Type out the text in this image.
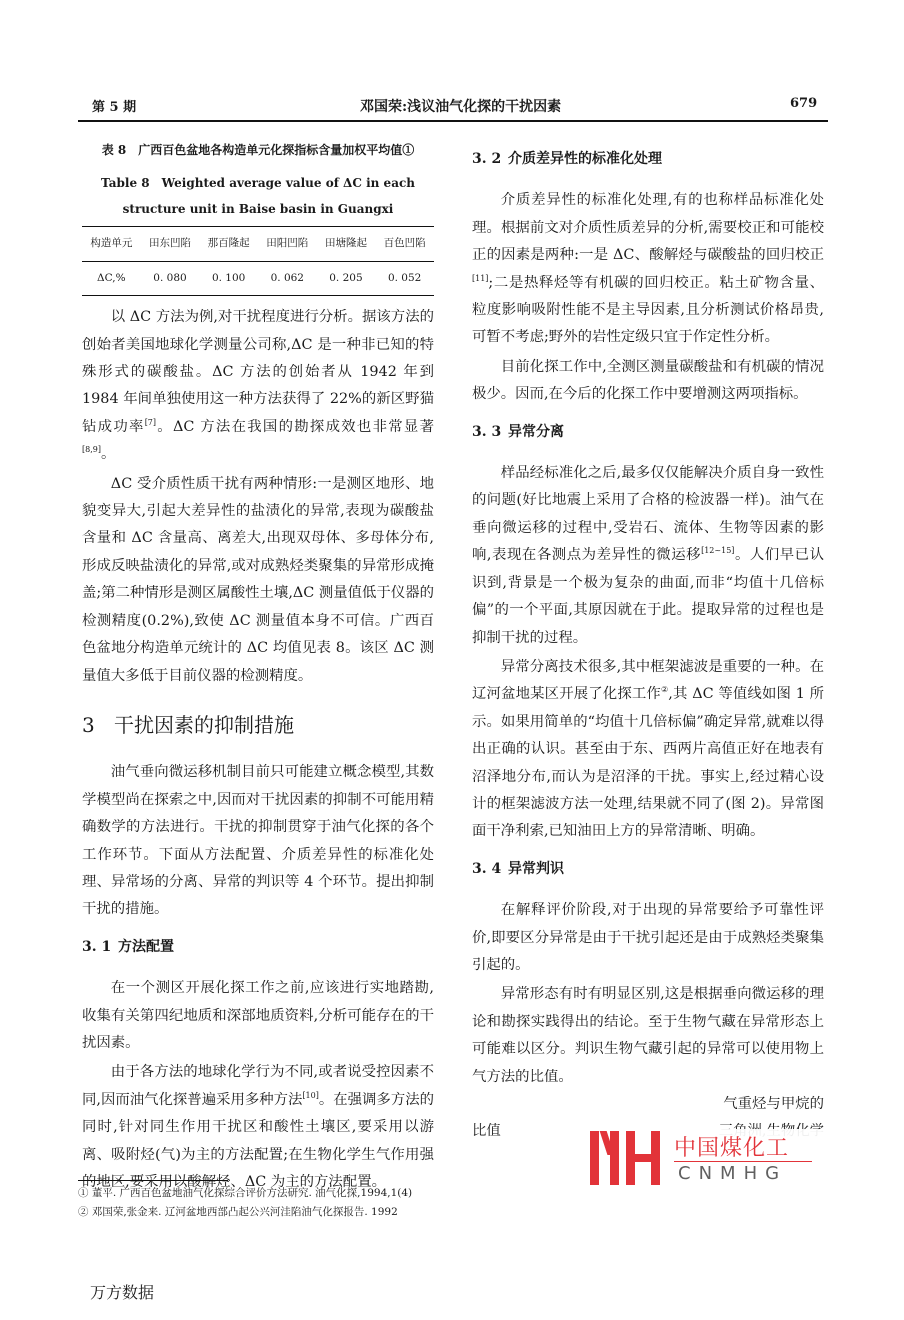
第 5 期	邓国荣:浅议油气化探的干扰因素	679
表 8　广西百色盆地各构造单元化探指标含量加权平均值①
Table 8　Weighted average value of ΔC in each
structure unit in Baise basin in Guangxi
构造单元	田东凹陷	那百隆起	田阳凹陷	田塘隆起	百色凹陷
ΔC,%	0. 080	0. 100	0. 062	0. 205	0. 052

以 ΔC 方法为例,对干扰程度进行分析。据该方法的创始者美国地球化学测量公司称,ΔC 是一种非已知的特殊形式的碳酸盐。ΔC 方法的创始者从 1942 年到 1984 年间单独使用这一种方法获得了 22%的新区野猫钻成功率[7]。ΔC 方法在我国的勘探成效也非常显著[8,9]。

ΔC 受介质性质干扰有两种情形:一是测区地形、地貌变异大,引起大差异性的盐渍化的异常,表现为碳酸盐含量和 ΔC 含量高、离差大,出现双母体、多母体分布,形成反映盐渍化的异常,或对成熟烃类聚集的异常形成掩盖;第二种情形是测区属酸性土壤,ΔC 测量值低于仪器的检测精度(0.2%),致使 ΔC 测量值本身不可信。广西百色盆地分构造单元统计的 ΔC 均值见表 8。该区 ΔC 测量值大多低于目前仪器的检测精度。

3 干扰因素的抑制措施

油气垂向微运移机制目前只可能建立概念模型,其数学模型尚在探索之中,因而对干扰因素的抑制不可能用精确数学的方法进行。干扰的抑制贯穿于油气化探的各个工作环节。下面从方法配置、介质差异性的标准化处理、异常场的分离、异常的判识等 4 个环节。提出抑制干扰的措施。

3. 1 方法配置

在一个测区开展化探工作之前,应该进行实地踏勘,收集有关第四纪地质和深部地质资料,分析可能存在的干扰因素。

由于各方法的地球化学行为不同,或者说受控因素不同,因而油气化探普遍采用多种方法[10]。在强调多方法的同时,针对同生作用干扰区和酸性土壤区,要采用以游离、吸附烃(气)为主的方法配置;在生物化学生气作用强的地区,要采用以酸解烃、ΔC 为主的方法配置。

3. 2 介质差异性的标准化处理

介质差异性的标准化处理,有的也称样品标准化处理。根据前文对介质性质差异的分析,需要校正和可能校正的因素是两种:一是 ΔC、酸解烃与碳酸盐的回归校正[11];二是热释烃等有机碳的回归校正。粘土矿物含量、粒度影响吸附性能不是主导因素,且分析测试价格昂贵,可暂不考虑;野外的岩性定级只宜于作定性分析。

目前化探工作中,全测区测量碳酸盐和有机碳的情况极少。因而,在今后的化探工作中要增测这两项指标。

3. 3 异常分离

样品经标准化之后,最多仅仅能解决介质自身一致性的问题(好比地震上采用了合格的检波器一样)。油气在垂向微运移的过程中,受岩石、流体、生物等因素的影响,表现在各测点为差异性的微运移[12~15]。人们早已认识到,背景是一个极为复杂的曲面,而非“均值十几倍标偏”的一个平面,其原因就在于此。提取异常的过程也是抑制干扰的过程。

异常分离技术很多,其中框架滤波是重要的一种。在辽河盆地某区开展了化探工作②,其 ΔC 等值线如图 1 所示。如果用简单的“均值十几倍标偏”确定异常,就难以得出正确的认识。甚至由于东、西两片高值正好在地表有沼泽地分布,而认为是沼泽的干扰。事实上,经过精心设计的框架滤波方法一处理,结果就不同了(图 2)。异常图面干净利索,已知油田上方的异常清晰、明确。

3. 4 异常判识

在解释评价阶段,对于出现的异常要给予可靠性评价,即要区分异常是由于干扰引起还是由于成熟烃类聚集引起的。

异常形态有时有明显区别,这是根据垂向微运移的理论和勘探实践得出的结论。至于生物气藏在异常形态上可能难以区分。判识生物气藏引起的异常可以使用物上气方法的比值。

气重烃与甲烷的

比值

中国煤化工
CNMHG
① 董平. 广西百色盆地油气化探综合评价方法研究. 油气化探,1994,1(4)
② 邓国荣,张金来. 辽河盆地西部凸起公兴河洼陷油气化探报告. 1992
万方数据
